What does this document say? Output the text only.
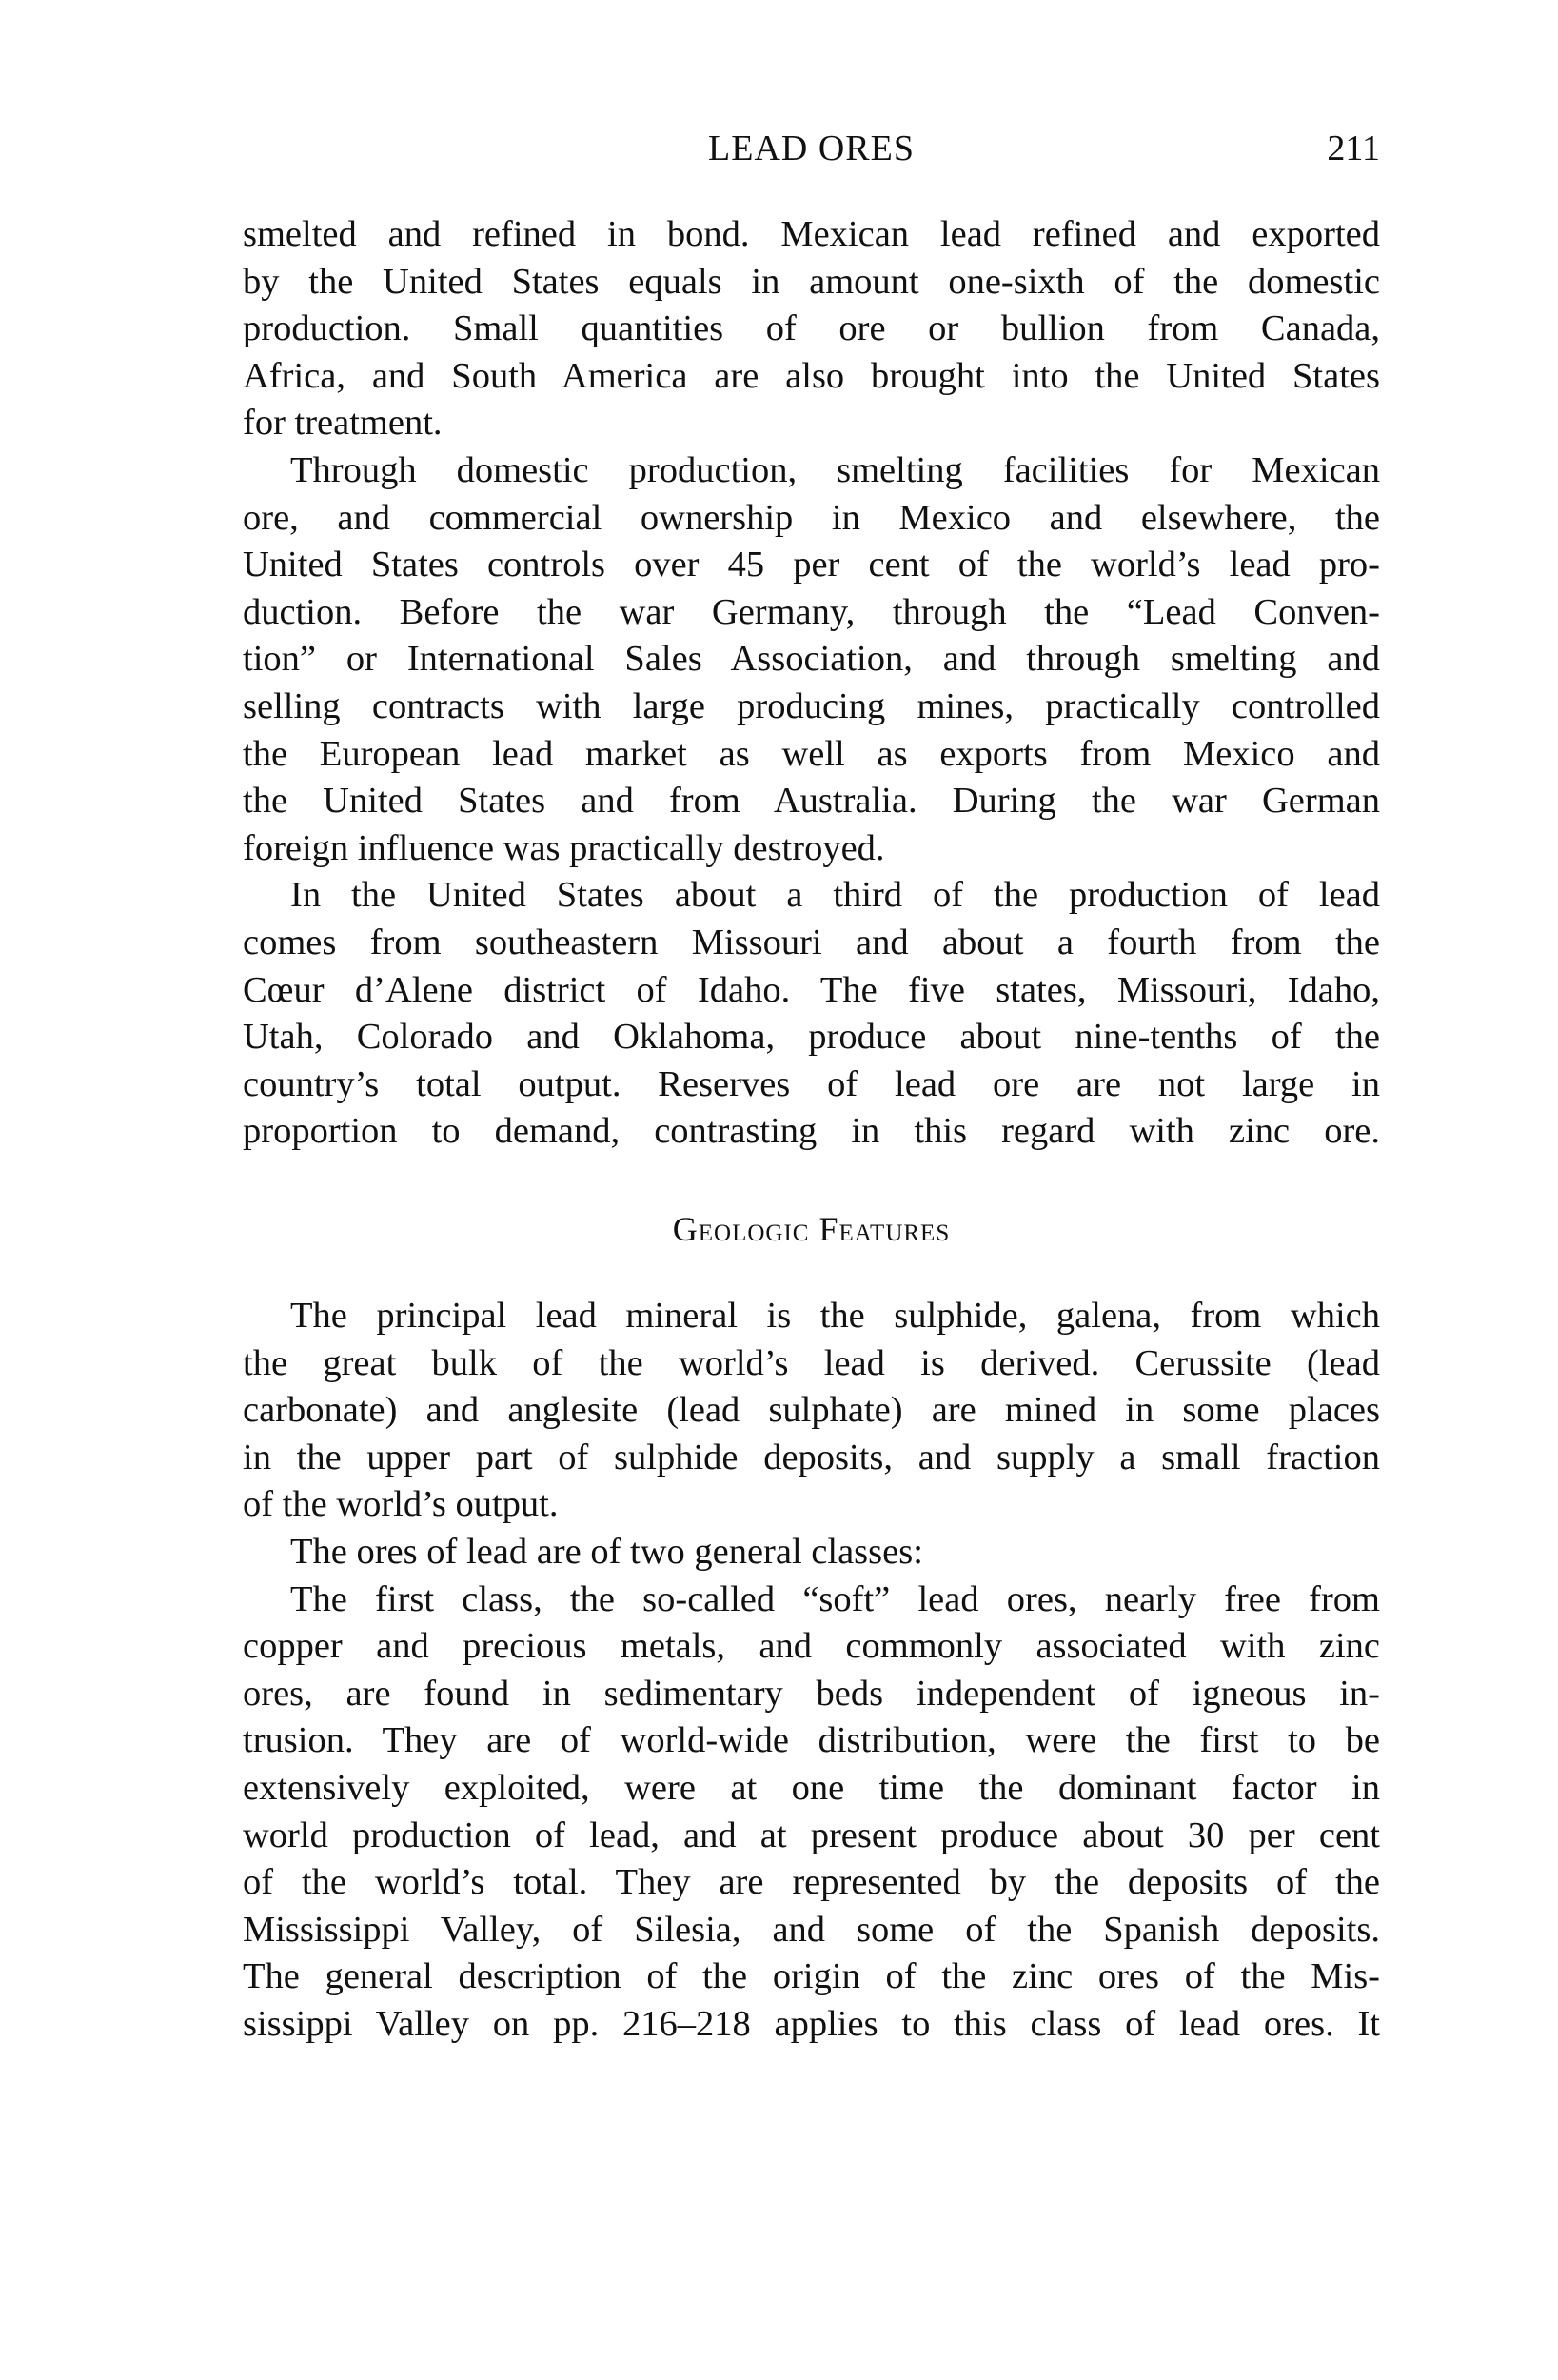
LEAD ORES	211
smelted and refined in bond. Mexican lead refined and exported
by the United States equals in amount one-sixth of the domestic
production. Small quantities of ore or bullion from Canada,
Africa, and South America are also brought into the United States
for treatment.
Through domestic production, smelting facilities for Mexican
ore, and commercial ownership in Mexico and elsewhere, the
United States controls over 45 per cent of the world’s lead pro-
duction. Before the war Germany, through the “Lead Conven-
tion” or International Sales Association, and through smelting and
selling contracts with large producing mines, practically controlled
the European lead market as well as exports from Mexico and
the United States and from Australia. During the war German
foreign influence was practically destroyed.
In the United States about a third of the production of lead
comes from southeastern Missouri and about a fourth from the
Cœur d’Alene district of Idaho. The five states, Missouri, Idaho,
Utah, Colorado and Oklahoma, produce about nine-tenths of the
country’s total output. Reserves of lead ore are not large in
proportion to demand, contrasting in this regard with zinc ore.
Geologic Features
The principal lead mineral is the sulphide, galena, from which
the great bulk of the world’s lead is derived. Cerussite (lead
carbonate) and anglesite (lead sulphate) are mined in some places
in the upper part of sulphide deposits, and supply a small fraction
of the world’s output.
The ores of lead are of two general classes:
The first class, the so-called “soft” lead ores, nearly free from
copper and precious metals, and commonly associated with zinc
ores, are found in sedimentary beds independent of igneous in-
trusion. They are of world-wide distribution, were the first to be
extensively exploited, were at one time the dominant factor in
world production of lead, and at present produce about 30 per cent
of the world’s total. They are represented by the deposits of the
Mississippi Valley, of Silesia, and some of the Spanish deposits.
The general description of the origin of the zinc ores of the Mis-
sissippi Valley on pp. 216–218 applies to this class of lead ores. It
